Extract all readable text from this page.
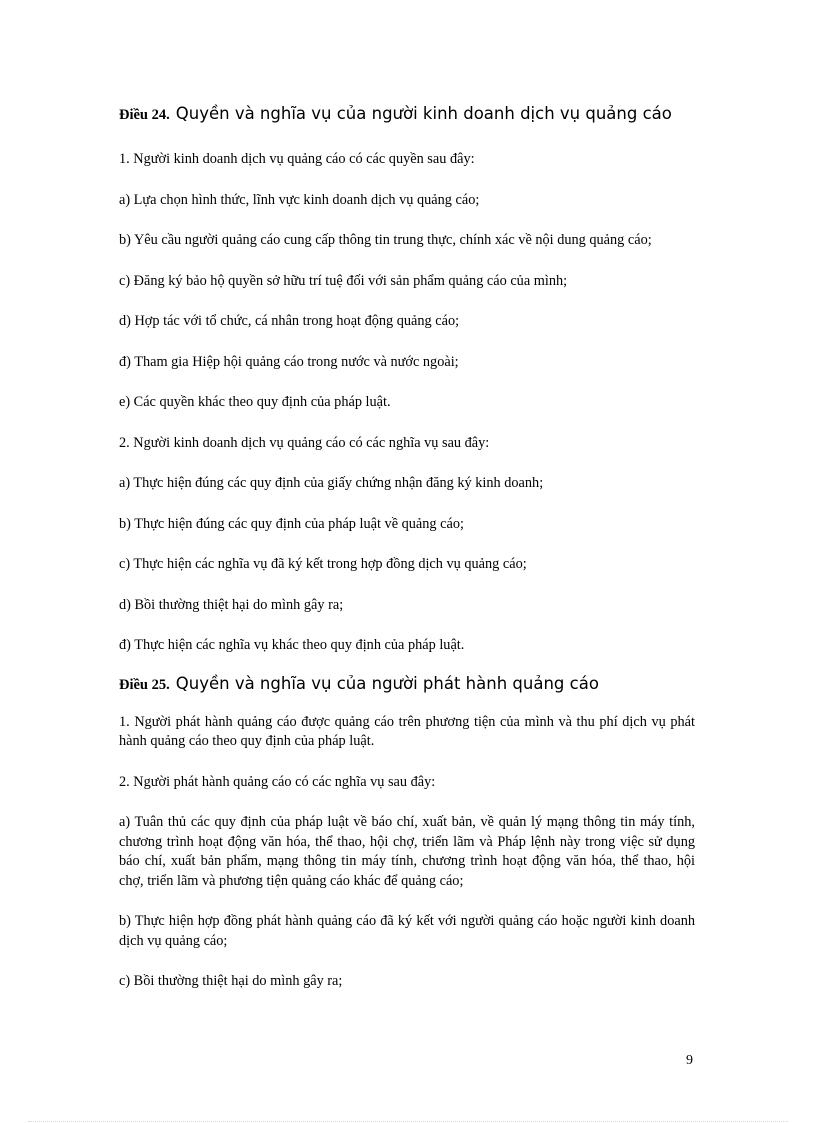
Điều 24. Quyền và nghĩa vụ của người kinh doanh dịch vụ quảng cáo

1. Người kinh doanh dịch vụ quảng cáo có các quyền sau đây:

a) Lựa chọn hình thức, lĩnh vực kinh doanh dịch vụ quảng cáo;

b) Yêu cầu người quảng cáo cung cấp thông tin trung thực, chính xác về nội dung quảng cáo;

c) Đăng ký bảo hộ quyền sở hữu trí tuệ đối với sản phẩm quảng cáo của mình;

d) Hợp tác với tổ chức, cá nhân trong hoạt động quảng cáo;

đ) Tham gia Hiệp hội quảng cáo trong nước và nước ngoài;

e) Các quyền khác theo quy định của pháp luật.

2. Người kinh doanh dịch vụ quảng cáo có các nghĩa vụ sau đây:

a) Thực hiện đúng các quy định của giấy chứng nhận đăng ký kinh doanh;

b) Thực hiện đúng các quy định của pháp luật về quảng cáo;

c) Thực hiện các nghĩa vụ đã ký kết trong hợp đồng dịch vụ quảng cáo;

d) Bồi thường thiệt hại do mình gây ra;

đ) Thực hiện các nghĩa vụ khác theo quy định của pháp luật.

Điều 25. Quyền và nghĩa vụ của người phát hành quảng cáo

1. Người phát hành quảng cáo được quảng cáo trên phương tiện của mình và thu phí dịch vụ phát hành quảng cáo theo quy định của pháp luật.

2. Người phát hành quảng cáo có các nghĩa vụ sau đây:

a) Tuân thủ các quy định của pháp luật về báo chí, xuất bản, về quản lý mạng thông tin máy tính, chương trình hoạt động văn hóa, thể thao, hội chợ, triển lãm và Pháp lệnh này trong việc sử dụng báo chí, xuất bản phẩm, mạng thông tin máy tính, chương trình hoạt động văn hóa, thể thao, hội chợ, triển lãm và phương tiện quảng cáo khác để quảng cáo;

b) Thực hiện hợp đồng phát hành quảng cáo đã ký kết với người quảng cáo hoặc người kinh doanh dịch vụ quảng cáo;

c) Bồi thường thiệt hại do mình gây ra;

9
